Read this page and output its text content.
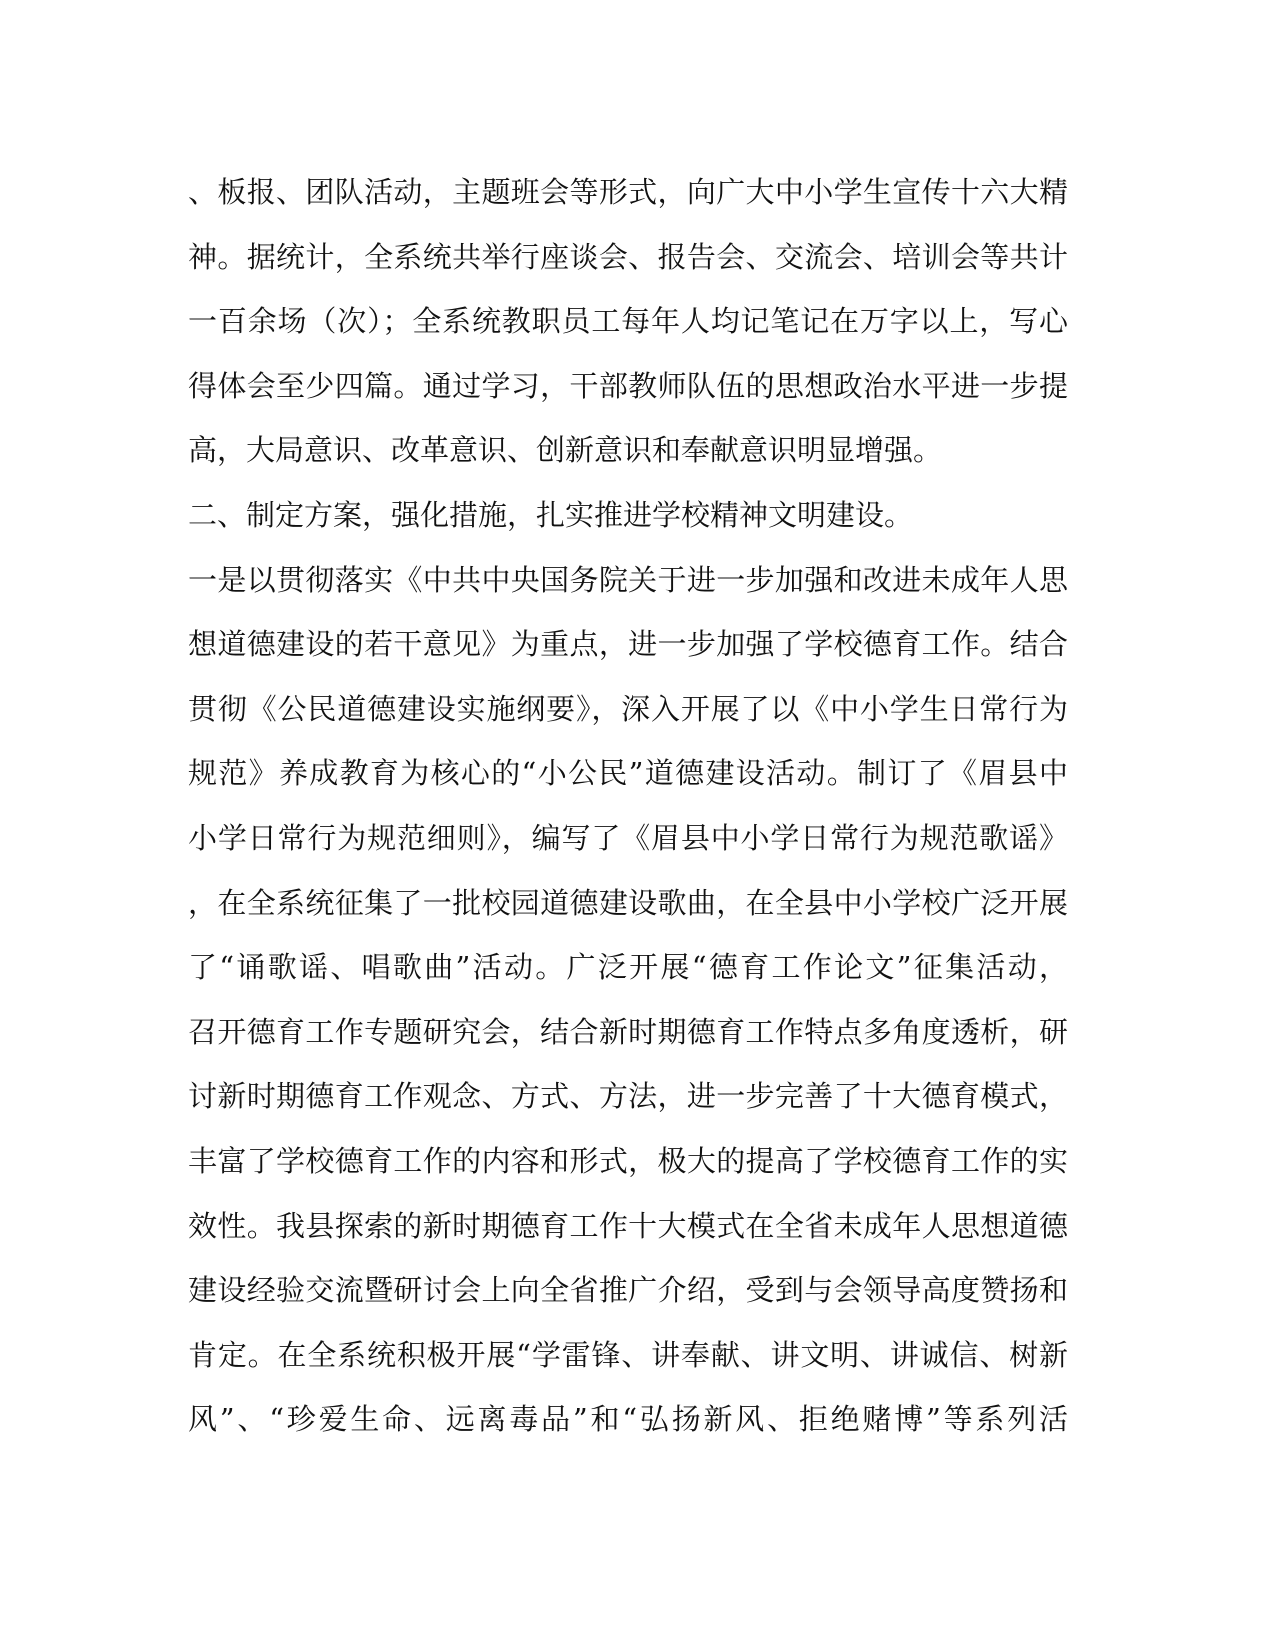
、板报、团队活动，主题班会等形式，向广大中小学生宣传十六大精
神。据统计，全系统共举行座谈会、报告会、交流会、培训会等共计
一百余场（次）；全系统教职员工每年人均记笔记在万字以上，写心
得体会至少四篇。通过学习，干部教师队伍的思想政治水平进一步提
高，大局意识、改革意识、创新意识和奉献意识明显增强。
二、制定方案，强化措施，扎实推进学校精神文明建设。
一是以贯彻落实《中共中央国务院关于进一步加强和改进未成年人思
想道德建设的若干意见》为重点，进一步加强了学校德育工作。结合
贯彻《公民道德建设实施纲要》，深入开展了以《中小学生日常行为
规范》养成教育为核心的“小公民”道德建设活动。制订了《眉县中
小学日常行为规范细则》，编写了《眉县中小学日常行为规范歌谣》
，在全系统征集了一批校园道德建设歌曲，在全县中小学校广泛开展
了“诵歌谣、唱歌曲”活动。广泛开展“德育工作论文”征集活动，
召开德育工作专题研究会，结合新时期德育工作特点多角度透析，研
讨新时期德育工作观念、方式、方法，进一步完善了十大德育模式，
丰富了学校德育工作的内容和形式，极大的提高了学校德育工作的实
效性。我县探索的新时期德育工作十大模式在全省未成年人思想道德
建设经验交流暨研讨会上向全省推广介绍，受到与会领导高度赞扬和
肯定。在全系统积极开展“学雷锋、讲奉献、讲文明、讲诚信、树新
风”、“珍爱生命、远离毒品”和“弘扬新风、拒绝赌博”等系列活
